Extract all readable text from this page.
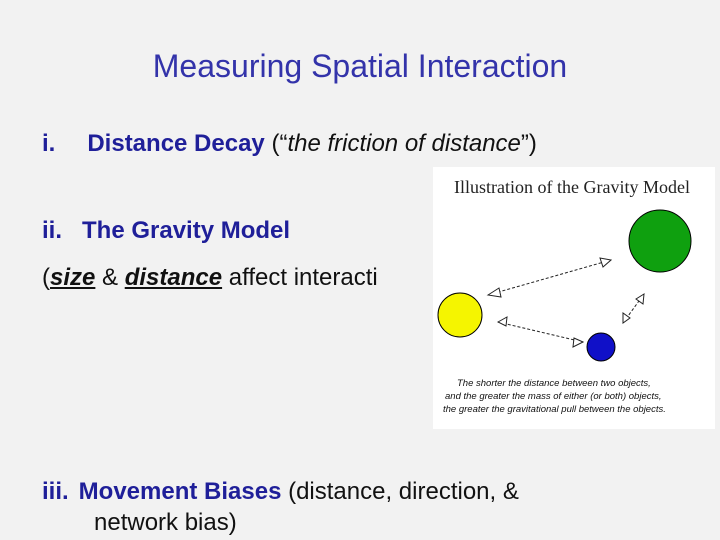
Measuring Spatial Interaction
i. Distance Decay (“the friction of distance”)
ii. The Gravity Model
(size & distance affect interacti
Illustration of the Gravity Model
The shorter the distance between two objects,
and the greater the mass of either (or both) objects,
the greater the gravitational pull between the objects.
iii. Movement Biases (distance, direction, &
network bias)
